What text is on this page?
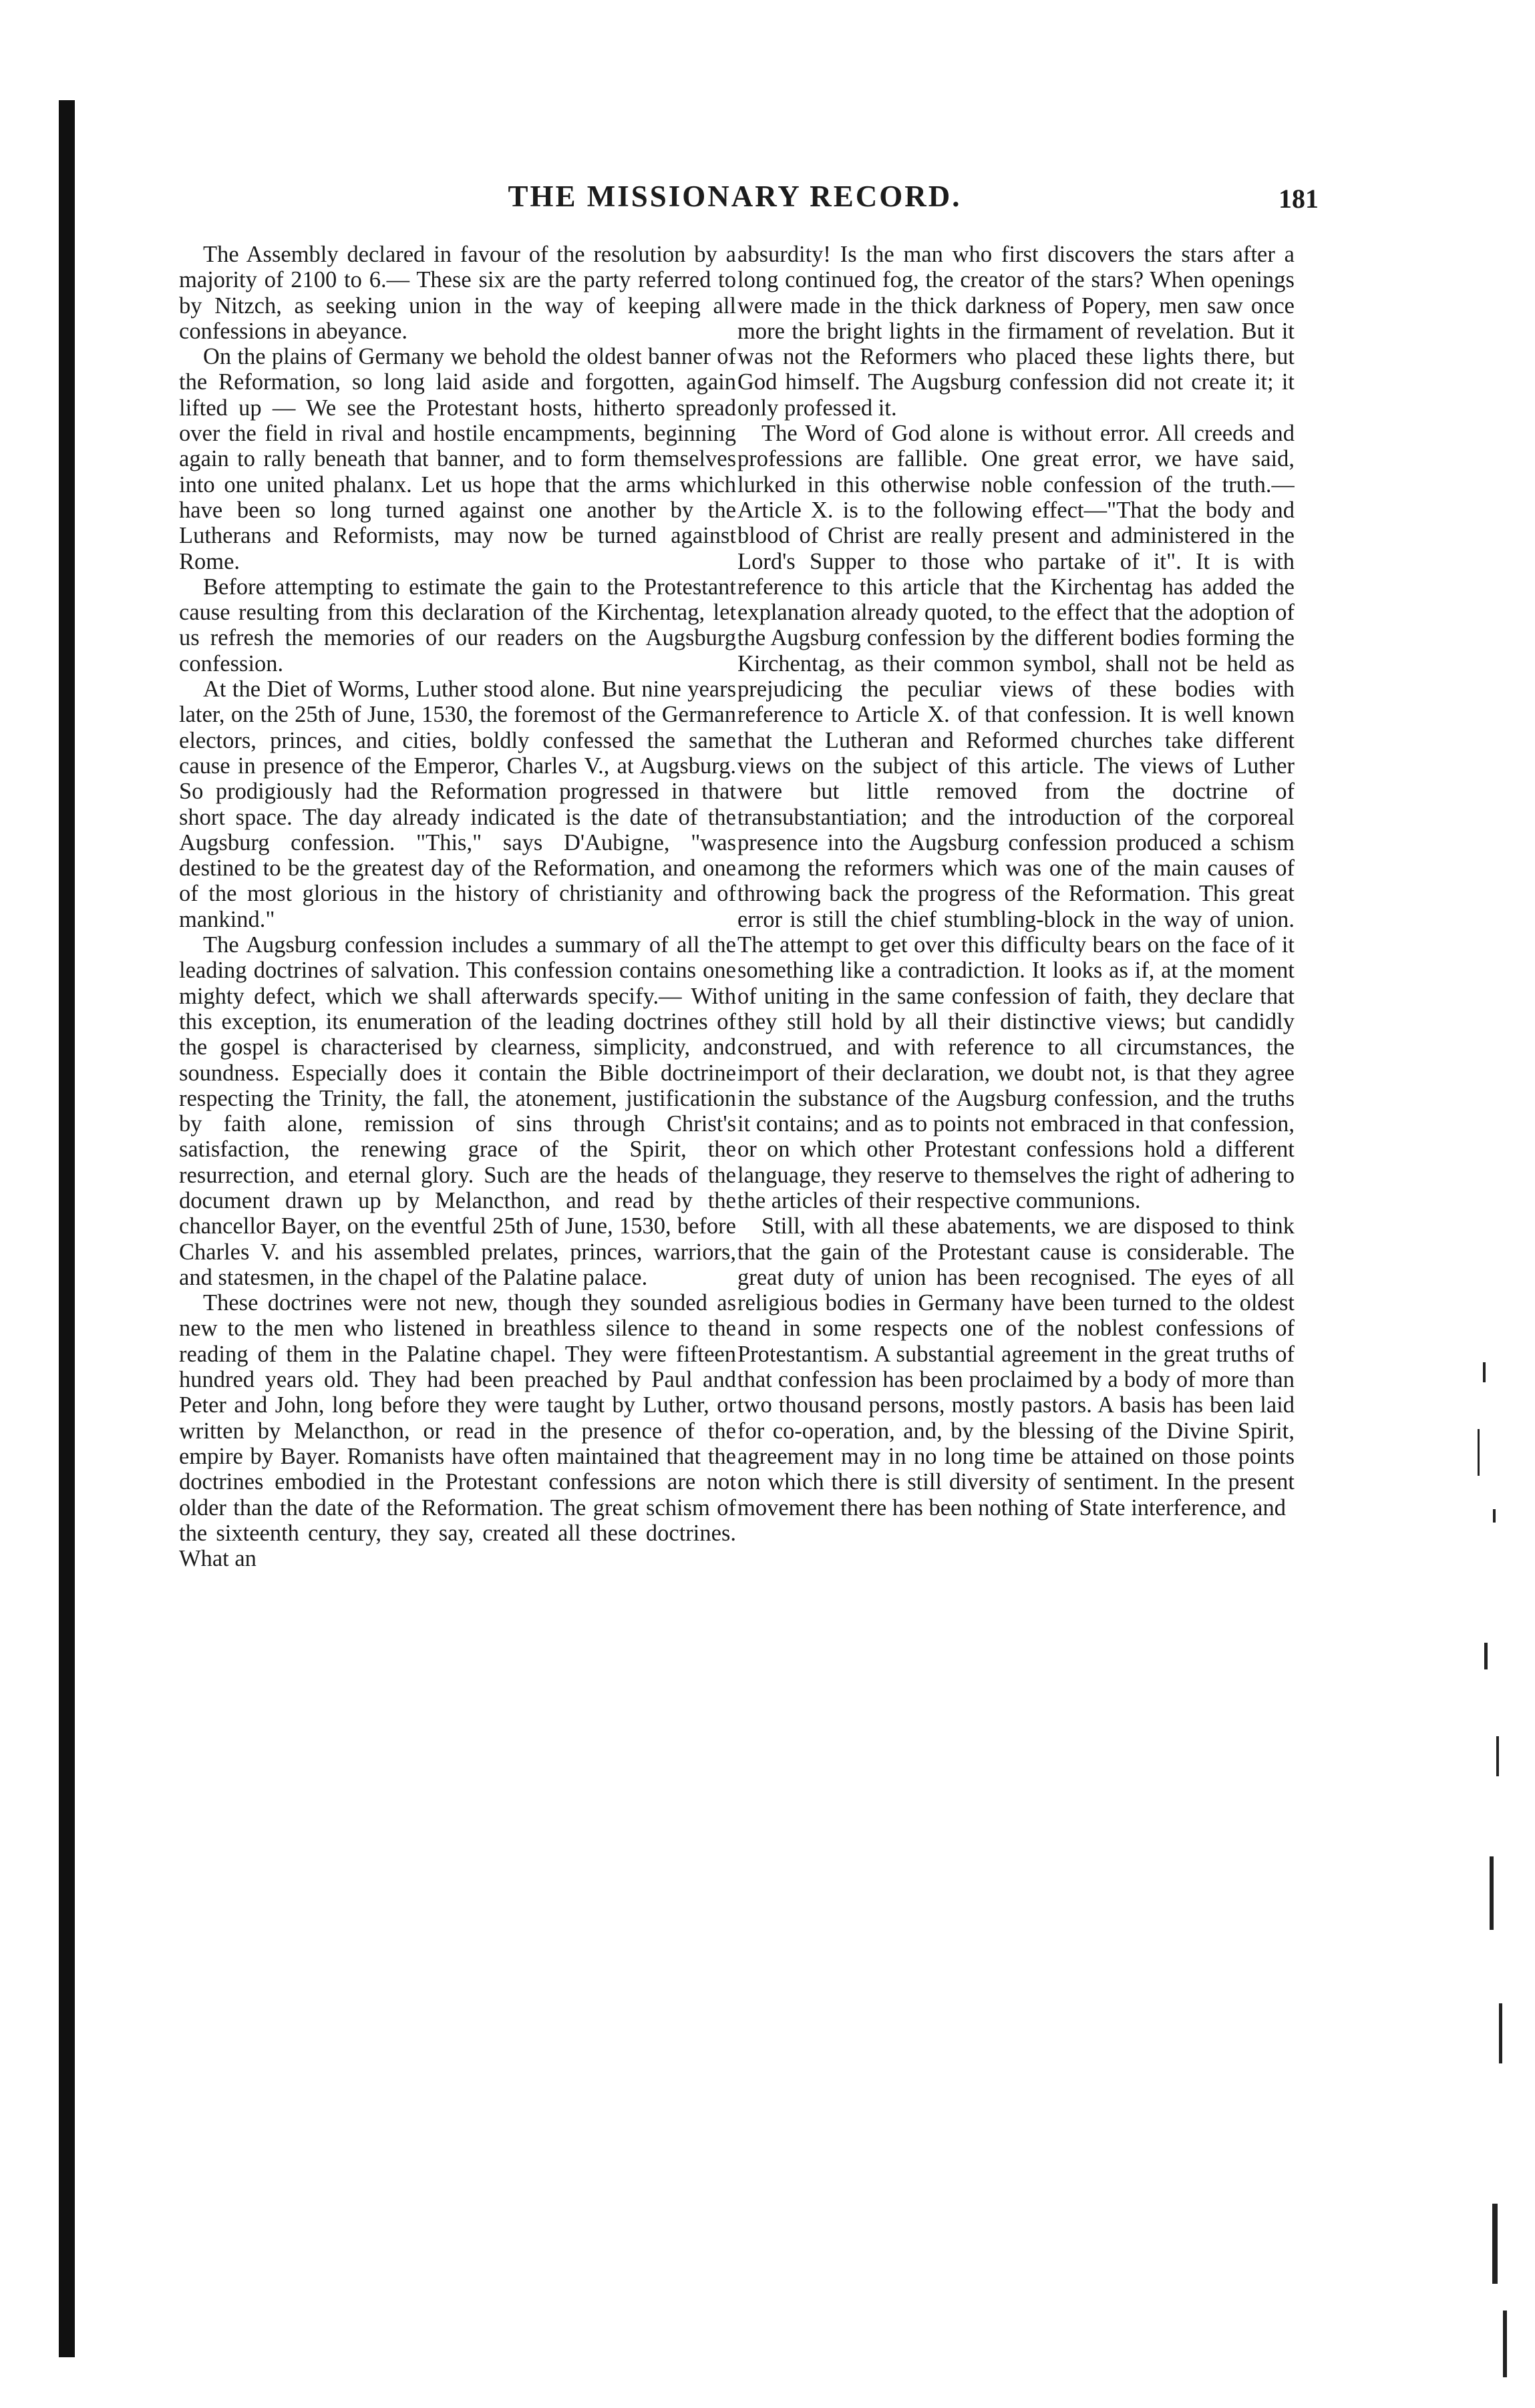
THE MISSIONARY RECORD.	181

The Assembly declared in favour of the resolution by a majority of 2100 to 6.— These six are the party referred to by Nitzch, as seeking union in the way of keeping all confessions in abeyance.

On the plains of Germany we behold the oldest banner of the Reformation, so long laid aside and forgotten, again lifted up — We see the Protestant hosts, hitherto spread over the field in rival and hostile encampments, beginning again to rally beneath that banner, and to form themselves into one united phalanx. Let us hope that the arms which have been so long turned against one another by the Lutherans and Reformists, may now be turned against Rome.

Before attempting to estimate the gain to the Protestant cause resulting from this declaration of the Kirchentag, let us refresh the memories of our readers on the Augsburg confession.

At the Diet of Worms, Luther stood alone. But nine years later, on the 25th of June, 1530, the foremost of the German electors, princes, and cities, boldly confessed the same cause in presence of the Emperor, Charles V., at Augsburg. So prodigiously had the Reformation progressed in that short space. The day already indicated is the date of the Augsburg confession. "This," says D'Aubigne, "was destined to be the greatest day of the Reformation, and one of the most glorious in the history of christianity and of mankind."

The Augsburg confession includes a summary of all the leading doctrines of salvation. This confession contains one mighty defect, which we shall afterwards specify.— With this exception, its enumeration of the leading doctrines of the gospel is characterised by clearness, simplicity, and soundness. Especially does it contain the Bible doctrine respecting the Trinity, the fall, the atonement, justification by faith alone, remission of sins through Christ's satisfaction, the renewing grace of the Spirit, the resurrection, and eternal glory. Such are the heads of the document drawn up by Melancthon, and read by the chancellor Bayer, on the eventful 25th of June, 1530, before Charles V. and his assembled prelates, princes, warriors, and statesmen, in the chapel of the Palatine palace.

These doctrines were not new, though they sounded as new to the men who listened in breathless silence to the reading of them in the Palatine chapel. They were fifteen hundred years old. They had been preached by Paul and Peter and John, long before they were taught by Luther, or written by Melancthon, or read in the presence of the empire by Bayer. Romanists have often maintained that the doctrines embodied in the Protestant confessions are not older than the date of the Reformation. The great schism of the sixteenth century, they say, created all these doctrines. What an

absurdity! Is the man who first discovers the stars after a long continued fog, the creator of the stars? When openings were made in the thick darkness of Popery, men saw once more the bright lights in the firmament of revelation. But it was not the Reformers who placed these lights there, but God himself. The Augsburg confession did not create it; it only professed it.

The Word of God alone is without error. All creeds and professions are fallible. One great error, we have said, lurked in this otherwise noble confession of the truth.— Article X. is to the following effect—"That the body and blood of Christ are really present and administered in the Lord's Supper to those who partake of it". It is with reference to this article that the Kirchentag has added the explanation already quoted, to the effect that the adoption of the Augsburg confession by the different bodies forming the Kirchentag, as their common symbol, shall not be held as prejudicing the peculiar views of these bodies with reference to Article X. of that confession. It is well known that the Lutheran and Reformed churches take different views on the subject of this article. The views of Luther were but little removed from the doctrine of transubstantiation; and the introduction of the corporeal presence into the Augsburg confession produced a schism among the reformers which was one of the main causes of throwing back the progress of the Reformation. This great error is still the chief stumbling-block in the way of union. The attempt to get over this difficulty bears on the face of it something like a contradiction. It looks as if, at the moment of uniting in the same confession of faith, they declare that they still hold by all their distinctive views; but candidly construed, and with reference to all circumstances, the import of their declaration, we doubt not, is that they agree in the substance of the Augsburg confession, and the truths it contains; and as to points not embraced in that confession, or on which other Protestant confessions hold a different language, they reserve to themselves the right of adhering to the articles of their respective communions.

Still, with all these abatements, we are disposed to think that the gain of the Protestant cause is considerable. The great duty of union has been recognised. The eyes of all religious bodies in Germany have been turned to the oldest and in some respects one of the noblest confessions of Protestantism. A substantial agreement in the great truths of that confession has been proclaimed by a body of more than two thousand persons, mostly pastors. A basis has been laid for co-operation, and, by the blessing of the Divine Spirit, agreement may in no long time be attained on those points on which there is still diversity of sentiment. In the present movement there has been nothing of State interference, and
